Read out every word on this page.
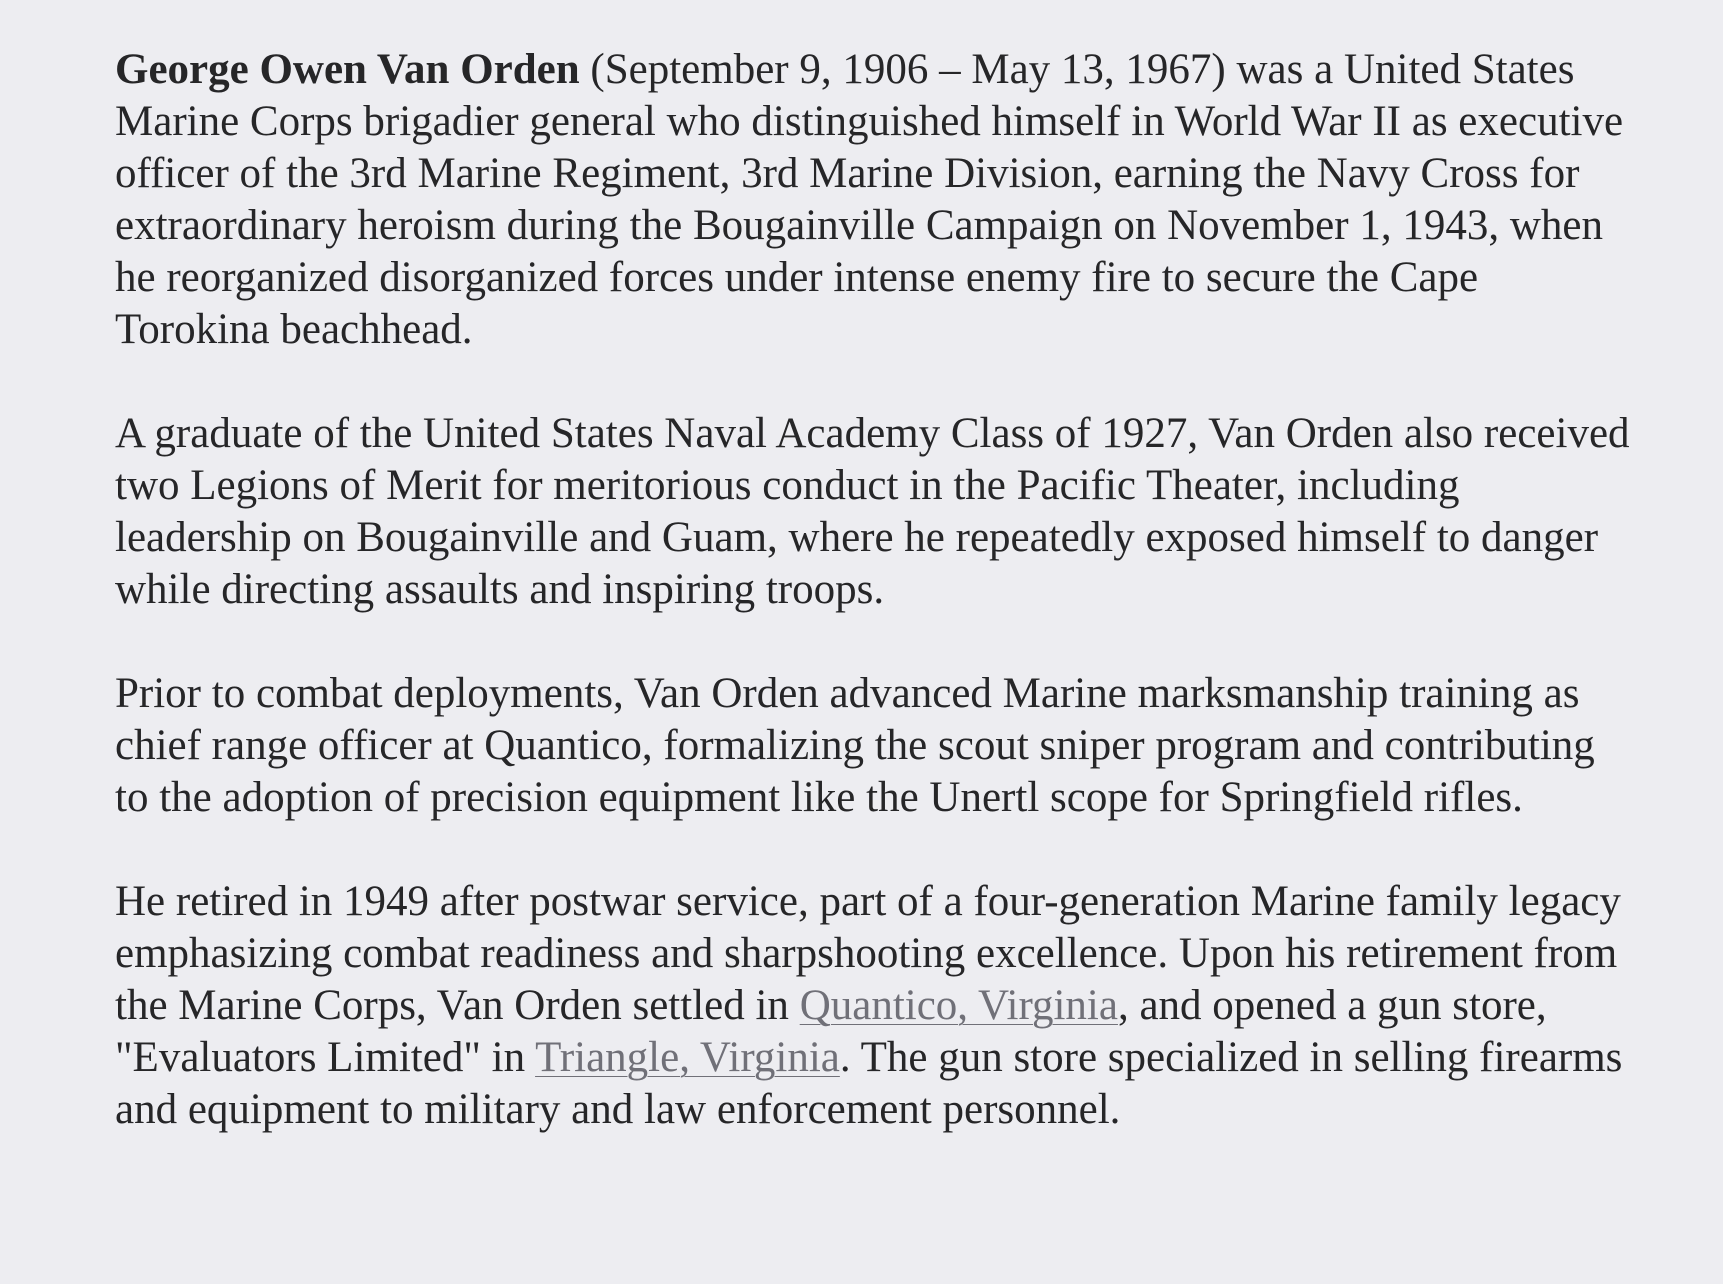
George Owen Van Orden (September 9, 1906 – May 13, 1967) was a United States Marine Corps brigadier general who distinguished himself in World War II as executive officer of the 3rd Marine Regiment, 3rd Marine Division, earning the Navy Cross for extraordinary heroism during the Bougainville Campaign on November 1, 1943, when he reorganized disorganized forces under intense enemy fire to secure the Cape Torokina beachhead.

A graduate of the United States Naval Academy Class of 1927, Van Orden also received two Legions of Merit for meritorious conduct in the Pacific Theater, including leadership on Bougainville and Guam, where he repeatedly exposed himself to danger while directing assaults and inspiring troops.

Prior to combat deployments, Van Orden advanced Marine marksmanship training as chief range officer at Quantico, formalizing the scout sniper program and contributing to the adoption of precision equipment like the Unertl scope for Springfield rifles.

He retired in 1949 after postwar service, part of a four-generation Marine family legacy emphasizing combat readiness and sharpshooting excellence. Upon his retirement from the Marine Corps, Van Orden settled in Quantico, Virginia, and opened a gun store, "Evaluators Limited" in Triangle, Virginia. The gun store specialized in selling firearms and equipment to military and law enforcement personnel.
